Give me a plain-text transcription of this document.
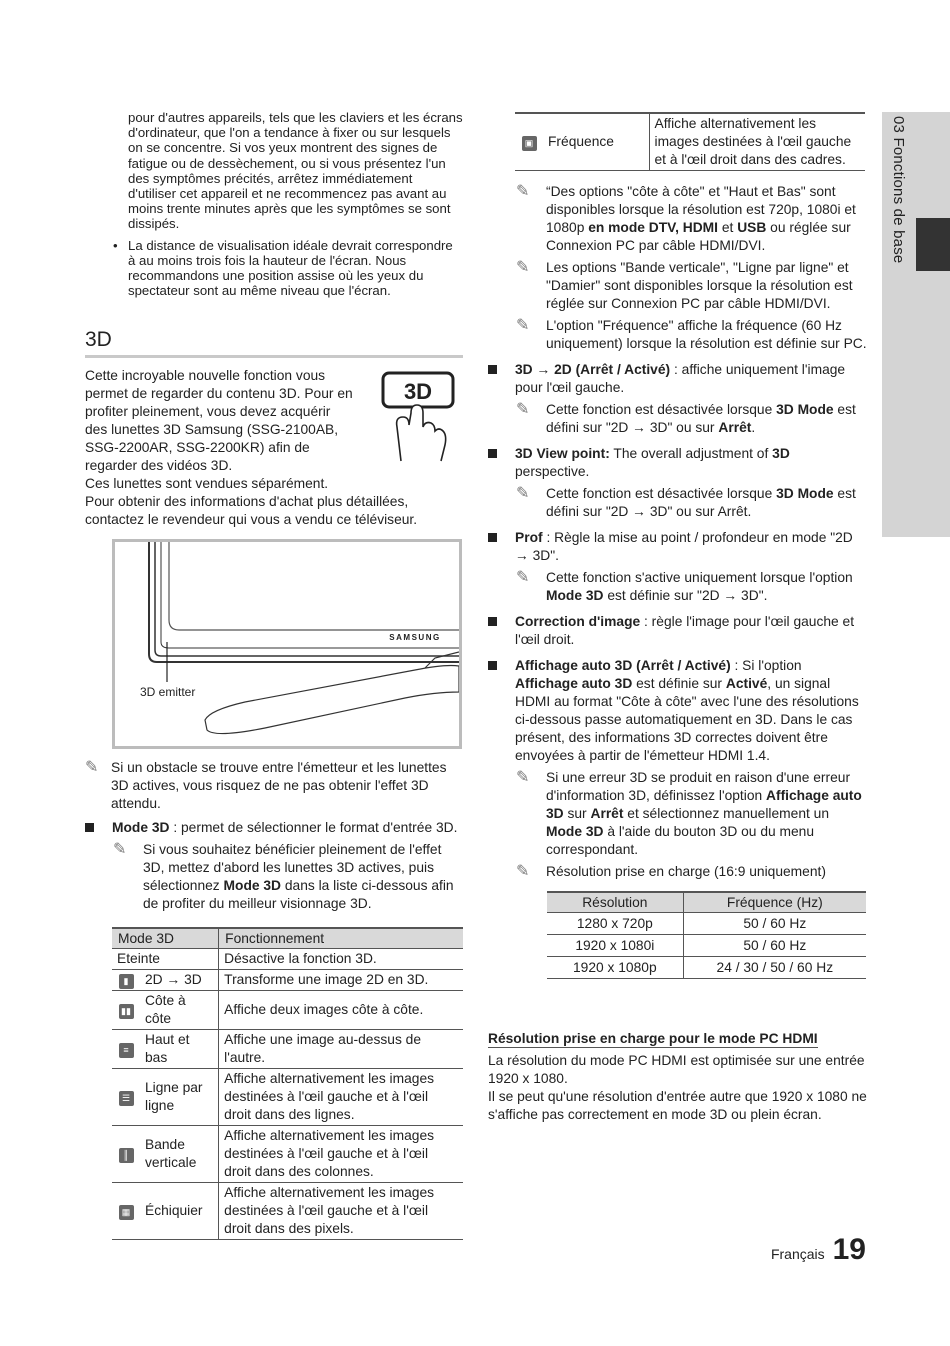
03 Fonctions de base
pour d'autres appareils, tels que les claviers et les écrans d'ordinateur, que l'on a tendance à fixer ou sur lesquels on se concentre. Si vos yeux montrent des signes de fatigue ou de dessèchement, ou si vous présentez l'un des symptômes précités, arrêtez immédiatement d'utiliser cet appareil et ne recommencez pas avant au moins trente minutes après que les symptômes se sont dissipés.
• La distance de visualisation idéale devrait correspondre à au moins trois fois la hauteur de l'écran. Nous recommandons une position assise où les yeux du spectateur sont au même niveau que l'écran.
3D
Cette incroyable nouvelle fonction vous permet de regarder du contenu 3D. Pour en profiter pleinement, vous devez acquérir des lunettes 3D Samsung (SSG-2100AB, SSG-2200AR, SSG-2200KR) afin de regarder des vidéos 3D.
3D
Ces lunettes sont vendues séparément.
Pour obtenir des informations d'achat plus détaillées, contactez le revendeur qui vous a vendu ce téléviseur.
SAMSUNG
3D emitter
✎ Si un obstacle se trouve entre l'émetteur et les lunettes 3D actives, vous risquez de ne pas obtenir l'effet 3D attendu.
Mode 3D : permet de sélectionner le format d'entrée 3D.
✎ Si vous souhaitez bénéficier pleinement de l'effet 3D, mettez d'abord les lunettes 3D actives, puis sélectionnez Mode 3D dans la liste ci-dessous afin de profiter du meilleur visionnage 3D.
Mode 3D		Fonctionnement
Eteinte		Désactive la fonction 3D.
▮	2D → 3D	Transforme une image 2D en 3D.
▮▮	Côte à côte	Affiche deux images côte à côte.
≡	Haut et bas	Affiche une image au-dessus de l'autre.
☰	Ligne par ligne	Affiche alternativement les images destinées à l'œil gauche et à l'œil droit dans des lignes.
║	Bande verticale	Affiche alternativement les images destinées à l'œil gauche et à l'œil droit dans des colonnes.
▦	Échiquier	Affiche alternativement les images destinées à l'œil gauche et à l'œil droit dans des pixels.
▣	Fréquence	Affiche alternativement les images destinées à l'œil gauche et à l'œil droit dans des cadres.
✎ “Des options "côte à côte" et "Haut et Bas" sont disponibles lorsque la résolution est 720p, 1080i et 1080p en mode DTV, HDMI et USB ou réglée sur Connexion PC par câble HDMI/DVI.
✎ Les options "Bande verticale", "Ligne par ligne" et "Damier" sont disponibles lorsque la résolution est réglée sur Connexion PC par câble HDMI/DVI.
✎ L'option "Fréquence" affiche la fréquence (60 Hz uniquement) lorsque la résolution est définie sur PC.
3D → 2D (Arrêt / Activé) : affiche uniquement l'image pour l'œil gauche.
✎ Cette fonction est désactivée lorsque 3D Mode est défini sur "2D → 3D" ou sur Arrêt.
3D View point: The overall adjustment of 3D perspective.
✎ Cette fonction est désactivée lorsque 3D Mode est défini sur "2D → 3D" ou sur Arrêt.
Prof : Règle la mise au point / profondeur en mode "2D → 3D".
✎ Cette fonction s'active uniquement lorsque l'option Mode 3D est définie sur "2D → 3D".
Correction d'image : règle l'image pour l'œil gauche et l'œil droit.
Affichage auto 3D (Arrêt / Activé) : Si l'option Affichage auto 3D est définie sur Activé, un signal HDMI au format "Côte à côte" avec l'une des résolutions ci-dessous passe automatiquement en 3D. Dans le cas présent, des informations 3D correctes doivent être envoyées à partir de l'émetteur HDMI 1.4.
✎ Si une erreur 3D se produit en raison d'une erreur d'information 3D, définissez l'option Affichage auto 3D sur Arrêt et sélectionnez manuellement un Mode 3D à l'aide du bouton 3D ou du menu correspondant.
✎ Résolution prise en charge (16:9 uniquement)
Résolution	Fréquence (Hz)
1280 x 720p	50 / 60 Hz
1920 x 1080i	50 / 60 Hz
1920 x 1080p	24 / 30 / 50 / 60 Hz
Résolution prise en charge pour le mode PC HDMI
La résolution du mode PC HDMI est optimisée sur une entrée 1920 x 1080.
Il se peut qu'une résolution d'entrée autre que 1920 x 1080 ne s'affiche pas correctement en mode 3D ou plein écran.
Français 19
